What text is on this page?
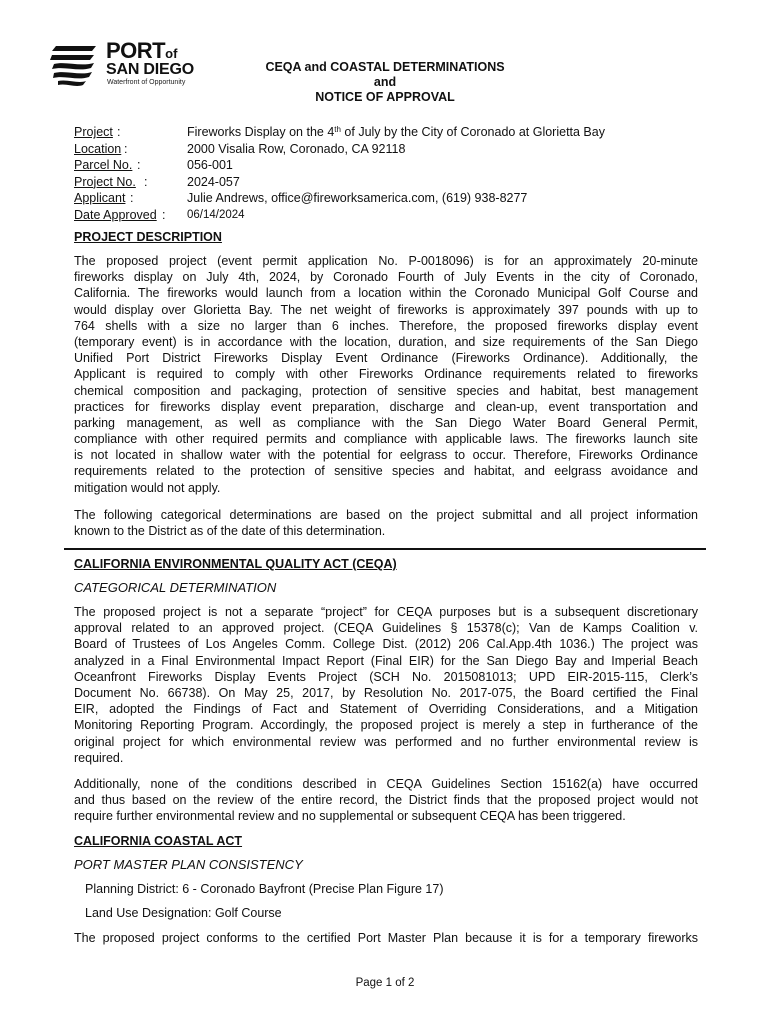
PORTof
SAN DIEGO
Waterfront of Opportunity
CEQA and COASTAL DETERMINATIONS
and
NOTICE OF APPROVAL
Project :	Fireworks Display on the 4th of July by the City of Coronado at Glorietta Bay
Location :	2000 Visalia Row, Coronado, CA 92118
Parcel No. :	056-001
Project No. :	2024-057
Applicant :	Julie Andrews, office@fireworksamerica.com, (619) 938-8277
Date Approved : 06/14/2024
PROJECT DESCRIPTION
The proposed project (event permit application No. P-0018096) is for an approximately 20-minute
fireworks display on July 4th, 2024, by Coronado Fourth of July Events in the city of Coronado,
California. The fireworks would launch from a location within the Coronado Municipal Golf Course and
would display over Glorietta Bay. The net weight of fireworks is approximately 397 pounds with up to
764 shells with a size no larger than 6 inches. Therefore, the proposed fireworks display event
(temporary event) is in accordance with the location, duration, and size requirements of the San Diego
Unified Port District Fireworks Display Event Ordinance (Fireworks Ordinance). Additionally, the
Applicant is required to comply with other Fireworks Ordinance requirements related to fireworks
chemical composition and packaging, protection of sensitive species and habitat, best management
practices for fireworks display event preparation, discharge and clean-up, event transportation and
parking management, as well as compliance with the San Diego Water Board General Permit,
compliance with other required permits and compliance with applicable laws. The fireworks launch site
is not located in shallow water with the potential for eelgrass to occur. Therefore, Fireworks Ordinance
requirements related to the protection of sensitive species and habitat, and eelgrass avoidance and
mitigation would not apply.
The following categorical determinations are based on the project submittal and all project information
known to the District as of the date of this determination.
CALIFORNIA ENVIRONMENTAL QUALITY ACT (CEQA)
CATEGORICAL DETERMINATION
The proposed project is not a separate “project” for CEQA purposes but is a subsequent discretionary
approval related to an approved project. (CEQA Guidelines § 15378(c); Van de Kamps Coalition v.
Board of Trustees of Los Angeles Comm. College Dist. (2012) 206 Cal.App.4th 1036.) The project was
analyzed in a Final Environmental Impact Report (Final EIR) for the San Diego Bay and Imperial Beach
Oceanfront Fireworks Display Events Project (SCH No. 2015081013; UPD EIR-2015-115, Clerk’s
Document No. 66738). On May 25, 2017, by Resolution No. 2017-075, the Board certified the Final
EIR, adopted the Findings of Fact and Statement of Overriding Considerations, and a Mitigation
Monitoring Reporting Program. Accordingly, the proposed project is merely a step in furtherance of the
original project for which environmental review was performed and no further environmental review is
required.
Additionally, none of the conditions described in CEQA Guidelines Section 15162(a) have occurred
and thus based on the review of the entire record, the District finds that the proposed project would not
require further environmental review and no supplemental or subsequent CEQA has been triggered.
CALIFORNIA COASTAL ACT
PORT MASTER PLAN CONSISTENCY
Planning District: 6 - Coronado Bayfront (Precise Plan Figure 17)
Land Use Designation: Golf Course
The proposed project conforms to the certified Port Master Plan because it is for a temporary fireworks
Page 1 of 2
